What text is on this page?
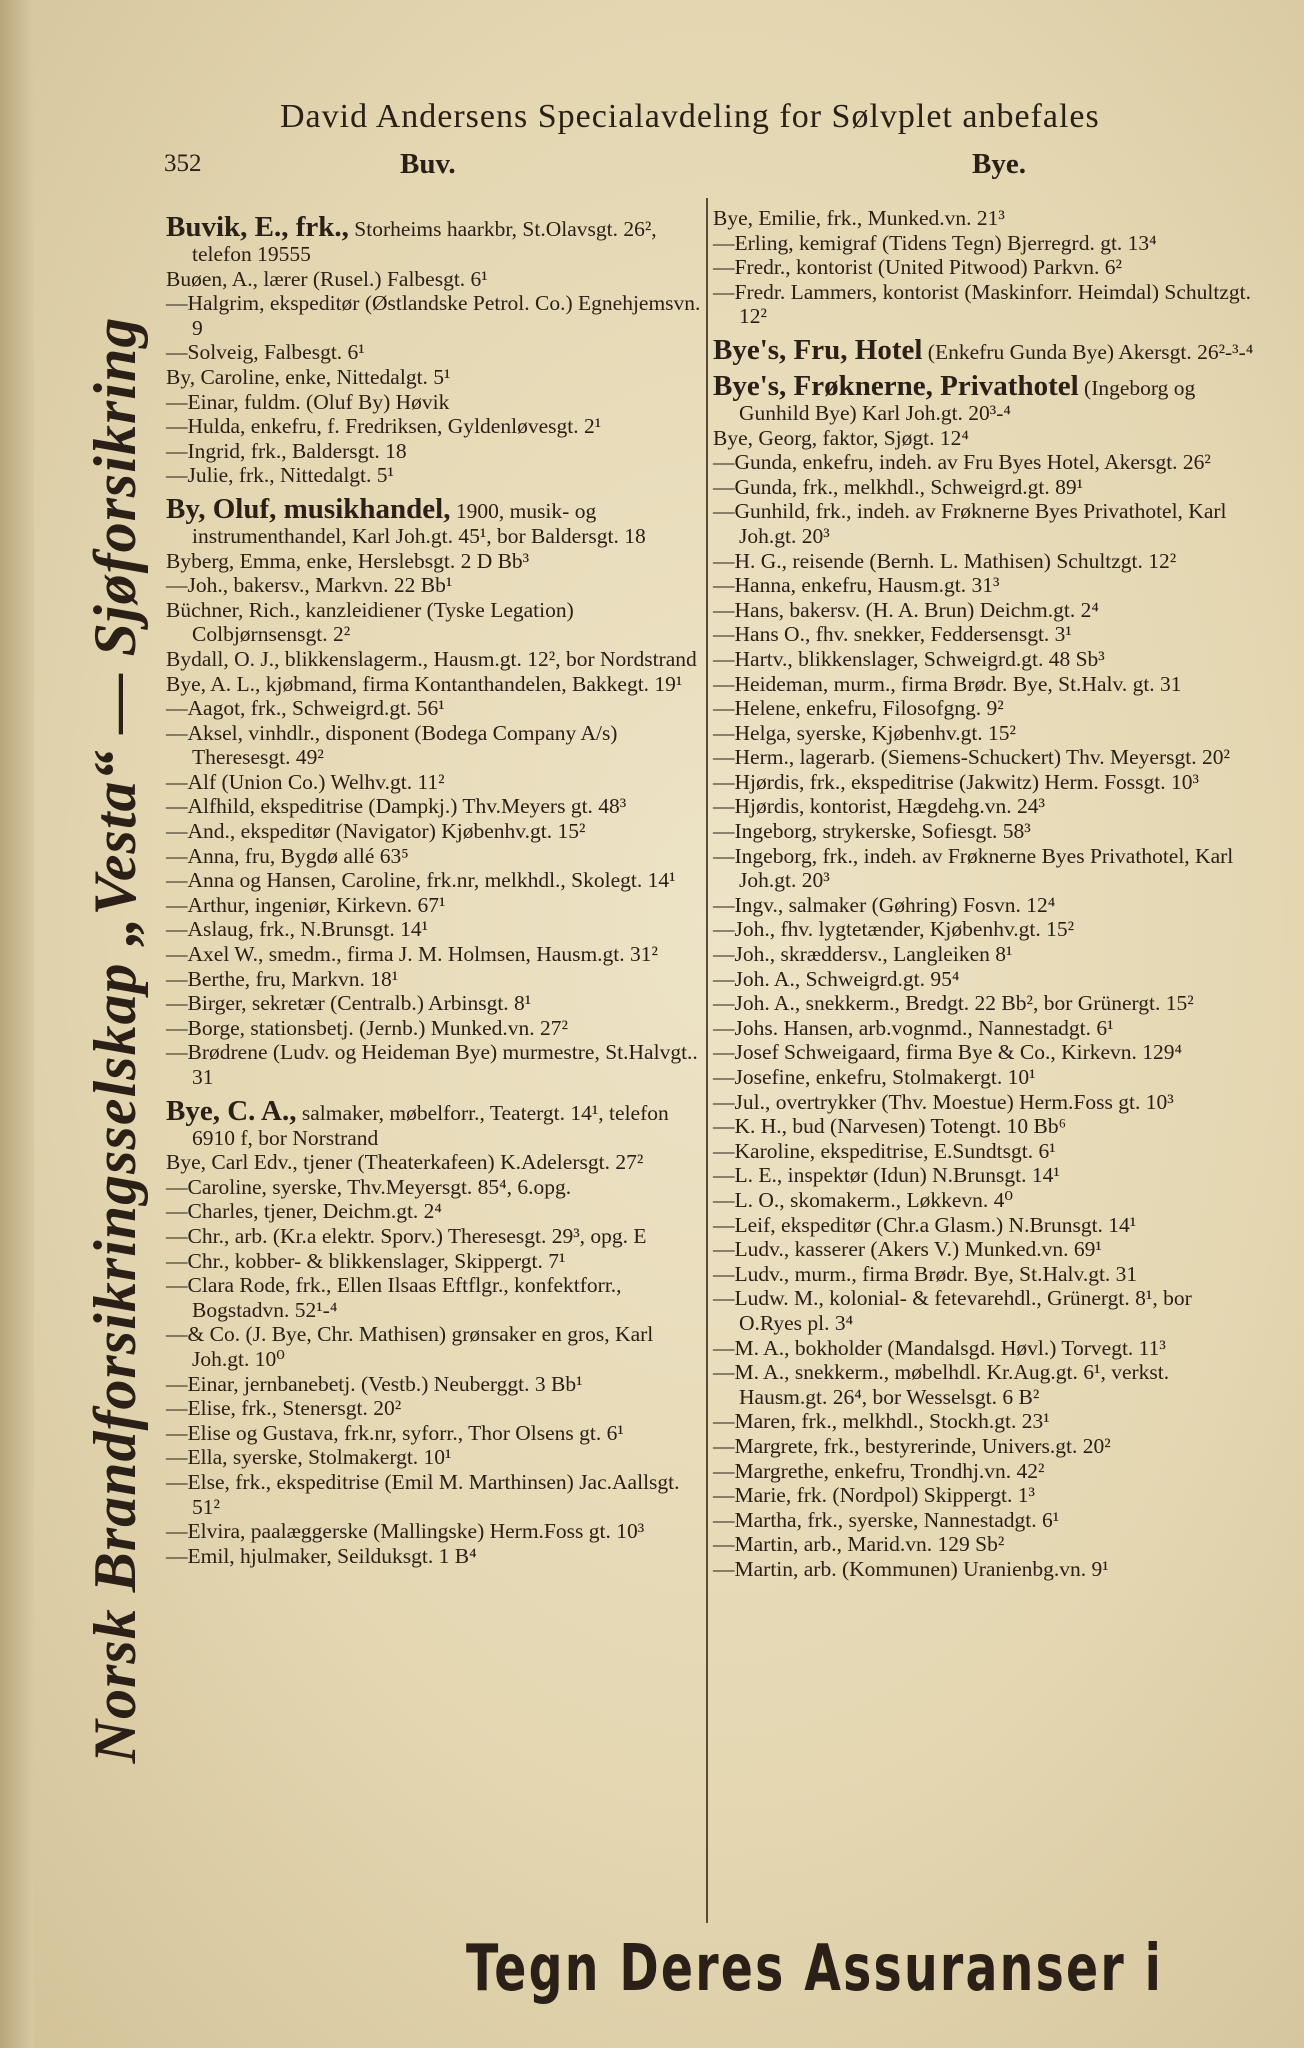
David Andersens Specialavdeling for Sølvplet anbefales
352	Buv.	Bye.
Norsk Brandforsikringsselskap „Vesta“ — Sjøforsikring

Buvik, E., frk., Storheims haarkbr, St.Olavsgt. 26², telefon 19555

Buøen, A., lærer (Rusel.) Falbesgt. 6¹

—Halgrim, ekspeditør (Østlandske Petrol. Co.) Egnehjemsvn. 9

—Solveig, Falbesgt. 6¹

By, Caroline, enke, Nittedalgt. 5¹

—Einar, fuldm. (Oluf By) Høvik

—Hulda, enkefru, f. Fredriksen, Gyldenløvesgt. 2¹

—Ingrid, frk., Baldersgt. 18

—Julie, frk., Nittedalgt. 5¹

By, Oluf, musikhandel, 1900, musik- og instrumenthandel, Karl Joh.gt. 45¹, bor Baldersgt. 18

Byberg, Emma, enke, Herslebsgt. 2 D Bb³

—Joh., bakersv., Markvn. 22 Bb¹

Büchner, Rich., kanzleidiener (Tyske Legation) Colbjørnsensgt. 2²

Bydall, O. J., blikkenslagerm., Hausm.gt. 12², bor Nordstrand

Bye, A. L., kjøbmand, firma Kontanthandelen, Bakkegt. 19¹

—Aagot, frk., Schweigrd.gt. 56¹

—Aksel, vinhdlr., disponent (Bodega Company A/s) Theresesgt. 49²

—Alf (Union Co.) Welhv.gt. 11²

—Alfhild, ekspeditrise (Dampkj.) Thv.Meyers gt. 48³

—And., ekspeditør (Navigator) Kjøbenhv.gt. 15²

—Anna, fru, Bygdø allé 63⁵

—Anna og Hansen, Caroline, frk.nr, melkhdl., Skolegt. 14¹

—Arthur, ingeniør, Kirkevn. 67¹

—Aslaug, frk., N.Brunsgt. 14¹

—Axel W., smedm., firma J. M. Holmsen, Hausm.gt. 31²

—Berthe, fru, Markvn. 18¹

—Birger, sekretær (Centralb.) Arbinsgt. 8¹

—Borge, stationsbetj. (Jernb.) Munked.vn. 27²

—Brødrene (Ludv. og Heideman Bye) murmestre, St.Halvgt.. 31

Bye, C. A., salmaker, møbelforr., Teatergt. 14¹, telefon 6910 f, bor Norstrand

Bye, Carl Edv., tjener (Theaterkafeen) K.Adelersgt. 27²

—Caroline, syerske, Thv.Meyersgt. 85⁴, 6.opg.

—Charles, tjener, Deichm.gt. 2⁴

—Chr., arb. (Kr.a elektr. Sporv.) Theresesgt. 29³, opg. E

—Chr., kobber- & blikkenslager, Skippergt. 7¹

—Clara Rode, frk., Ellen Ilsaas Eftflgr., konfektforr., Bogstadvn. 52¹-⁴

—& Co. (J. Bye, Chr. Mathisen) grønsaker en gros, Karl Joh.gt. 10⁰

—Einar, jernbanebetj. (Vestb.) Neuberggt. 3 Bb¹

—Elise, frk., Stenersgt. 20²

—Elise og Gustava, frk.nr, syforr., Thor Olsens gt. 6¹

—Ella, syerske, Stolmakergt. 10¹

—Else, frk., ekspeditrise (Emil M. Marthinsen) Jac.Aallsgt. 51²

—Elvira, paalæggerske (Mallingske) Herm.Foss gt. 10³

—Emil, hjulmaker, Seilduksgt. 1 B⁴

Bye, Emilie, frk., Munked.vn. 21³

—Erling, kemigraf (Tidens Tegn) Bjerregrd. gt. 13⁴

—Fredr., kontorist (United Pitwood) Parkvn. 6²

—Fredr. Lammers, kontorist (Maskinforr. Heimdal) Schultzgt. 12²

Bye's, Fru, Hotel (Enkefru Gunda Bye) Akersgt. 26²-³-⁴

Bye's, Frøknerne, Privathotel (Ingeborg og Gunhild Bye) Karl Joh.gt. 20³-⁴

Bye, Georg, faktor, Sjøgt. 12⁴

—Gunda, enkefru, indeh. av Fru Byes Hotel, Akersgt. 26²

—Gunda, frk., melkhdl., Schweigrd.gt. 89¹

—Gunhild, frk., indeh. av Frøknerne Byes Privathotel, Karl Joh.gt. 20³

—H. G., reisende (Bernh. L. Mathisen) Schultzgt. 12²

—Hanna, enkefru, Hausm.gt. 31³

—Hans, bakersv. (H. A. Brun) Deichm.gt. 2⁴

—Hans O., fhv. snekker, Feddersensgt. 3¹

—Hartv., blikkenslager, Schweigrd.gt. 48 Sb³

—Heideman, murm., firma Brødr. Bye, St.Halv. gt. 31

—Helene, enkefru, Filosofgng. 9²

—Helga, syerske, Kjøbenhv.gt. 15²

—Herm., lagerarb. (Siemens-Schuckert) Thv. Meyersgt. 20²

—Hjørdis, frk., ekspeditrise (Jakwitz) Herm. Fossgt. 10³

—Hjørdis, kontorist, Hægdehg.vn. 24³

—Ingeborg, strykerske, Sofiesgt. 58³

—Ingeborg, frk., indeh. av Frøknerne Byes Privathotel, Karl Joh.gt. 20³

—Ingv., salmaker (Gøhring) Fosvn. 12⁴

—Joh., fhv. lygtetænder, Kjøbenhv.gt. 15²

—Joh., skræddersv., Langleiken 8¹

—Joh. A., Schweigrd.gt. 95⁴

—Joh. A., snekkerm., Bredgt. 22 Bb², bor Grünergt. 15²

—Johs. Hansen, arb.vognmd., Nannestadgt. 6¹

—Josef Schweigaard, firma Bye & Co., Kirkevn. 129⁴

—Josefine, enkefru, Stolmakergt. 10¹

—Jul., overtrykker (Thv. Moestue) Herm.Foss gt. 10³

—K. H., bud (Narvesen) Totengt. 10 Bb⁶

—Karoline, ekspeditrise, E.Sundtsgt. 6¹

—L. E., inspektør (Idun) N.Brunsgt. 14¹

—L. O., skomakerm., Løkkevn. 4⁰

—Leif, ekspeditør (Chr.a Glasm.) N.Brunsgt. 14¹

—Ludv., kasserer (Akers V.) Munked.vn. 69¹

—Ludv., murm., firma Brødr. Bye, St.Halv.gt. 31

—Ludw. M., kolonial- & fetevarehdl., Grünergt. 8¹, bor O.Ryes pl. 3⁴

—M. A., bokholder (Mandalsgd. Høvl.) Torvegt. 11³

—M. A., snekkerm., møbelhdl. Kr.Aug.gt. 6¹, verkst. Hausm.gt. 26⁴, bor Wesselsgt. 6 B²

—Maren, frk., melkhdl., Stockh.gt. 23¹

—Margrete, frk., bestyrerinde, Univers.gt. 20²

—Margrethe, enkefru, Trondhj.vn. 42²

—Marie, frk. (Nordpol) Skippergt. 1³

—Martha, frk., syerske, Nannestadgt. 6¹

—Martin, arb., Marid.vn. 129 Sb²

—Martin, arb. (Kommunen) Uranienbg.vn. 9¹

Tegn Deres Assuranser i
